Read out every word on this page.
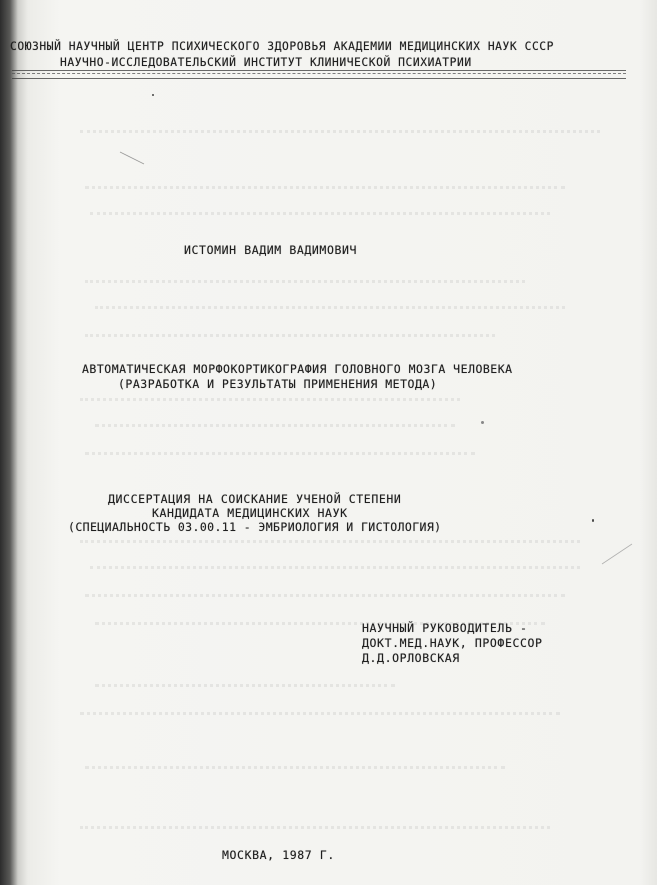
СОЮЗНЫЙ НАУЧНЫЙ ЦЕНТР ПСИХИЧЕСКОГО ЗДОРОВЬЯ АКАДЕМИИ МЕДИЦИНСКИХ НАУК СССР
НАУЧНО-ИССЛЕДОВАТЕЛЬСКИЙ ИНСТИТУТ КЛИНИЧЕСКОЙ ПСИХИАТРИИ
ИСТОМИН ВАДИМ ВАДИМОВИЧ
АВТОМАТИЧЕСКАЯ МОРФОКОРТИКОГРАФИЯ ГОЛОВНОГО МОЗГА ЧЕЛОВЕКА
(РАЗРАБОТКА И РЕЗУЛЬТАТЫ ПРИМЕНЕНИЯ МЕТОДА)
ДИССЕРТАЦИЯ НА СОИСКАНИЕ УЧЕНОЙ СТЕПЕНИ
КАНДИДАТА МЕДИЦИНСКИХ НАУК
(СПЕЦИАЛЬНОСТЬ 03.00.11 - ЭМБРИОЛОГИЯ И ГИСТОЛОГИЯ)
НАУЧНЫЙ РУКОВОДИТЕЛЬ -
ДОКТ.МЕД.НАУК, ПРОФЕССОР
Д.Д.ОРЛОВСКАЯ
МОСКВА, 1987 Г.
